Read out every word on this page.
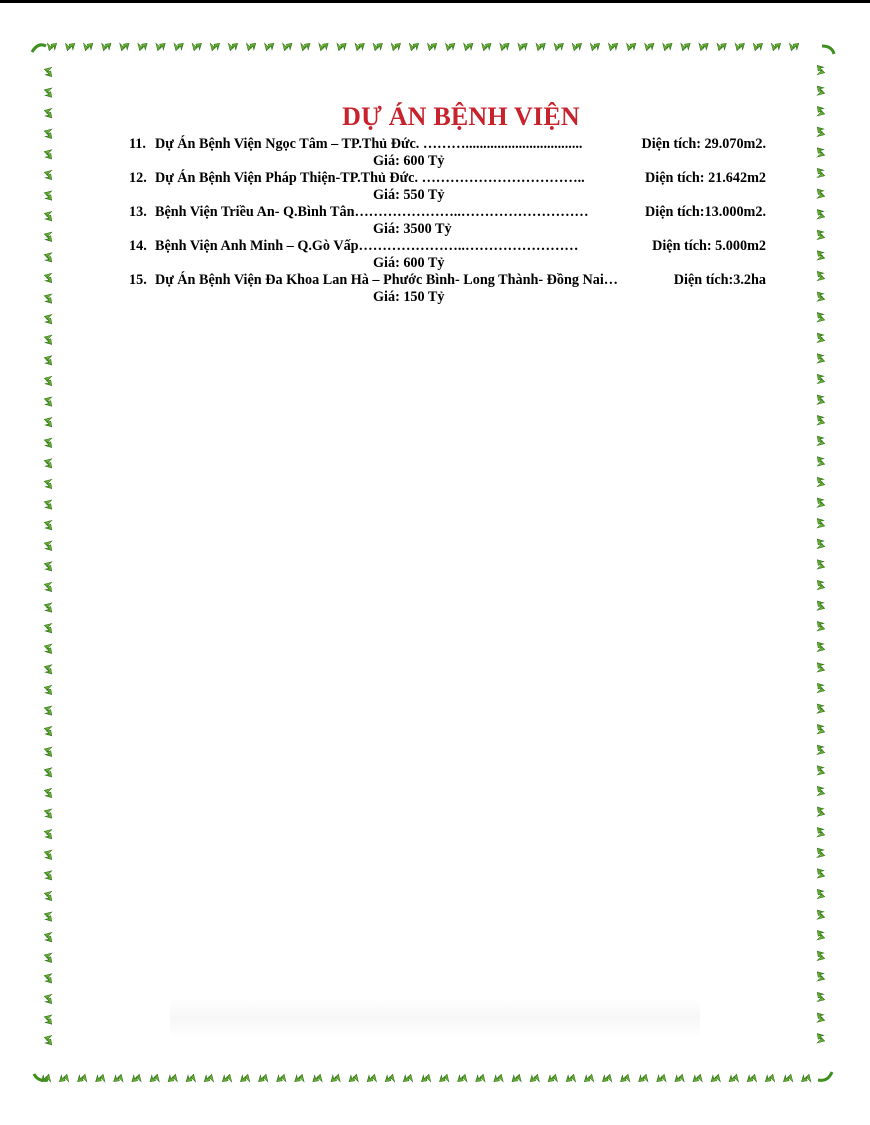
DỰ ÁN BỆNH VIỆN
11. Dự Án Bệnh Viện Ngọc Tâm – TP.Thủ Đức. ……….................................	Diện tích: 29.070m2.
Giá: 600 Tỷ
12. Dự Án Bệnh Viện Pháp Thiện-TP.Thủ Đức. ……………………………..	Diện tích: 21.642m2
Giá: 550 Tỷ
13. Bệnh Viện Triều An- Q.Bình Tân…………………..………………………	Diện tích:13.000m2.
Giá: 3500 Tỷ
14. Bệnh Viện Anh Minh – Q.Gò Vấp…………………..……………………	Diện tích: 5.000m2
Giá: 600 Tỷ
15. Dự Án Bệnh Viện Đa Khoa Lan Hà – Phước Bình- Long Thành- Đồng Nai…	Diện tích:3.2ha
Giá: 150 Tỷ
